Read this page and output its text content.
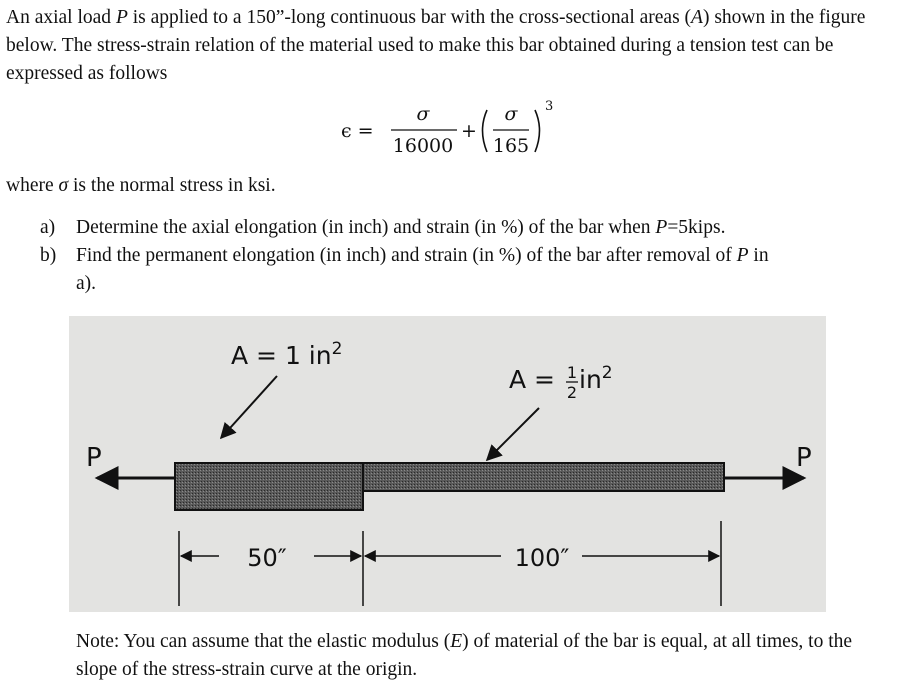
An axial load P is applied to a 150”-long continuous bar with the cross-sectional areas (A) shown in the figure below. The stress-strain relation of the material used to make this bar obtained during a tension test can be expressed as follows
ϵ =
σ
16000
+
σ
165
3
where σ is the normal stress in ksi.
a) Determine the axial elongation (in inch) and strain (in %) of the bar when P=5kips.
b) Find the permanent elongation (in inch) and strain (in %) of the bar after removal of P in
a).
A = 1 $in^2$
A = 1
2 $in^2$
P	P
50″	100″
Note: You can assume that the elastic modulus (E) of material of the bar is equal, at all times, to the slope of the stress-strain curve at the origin.
